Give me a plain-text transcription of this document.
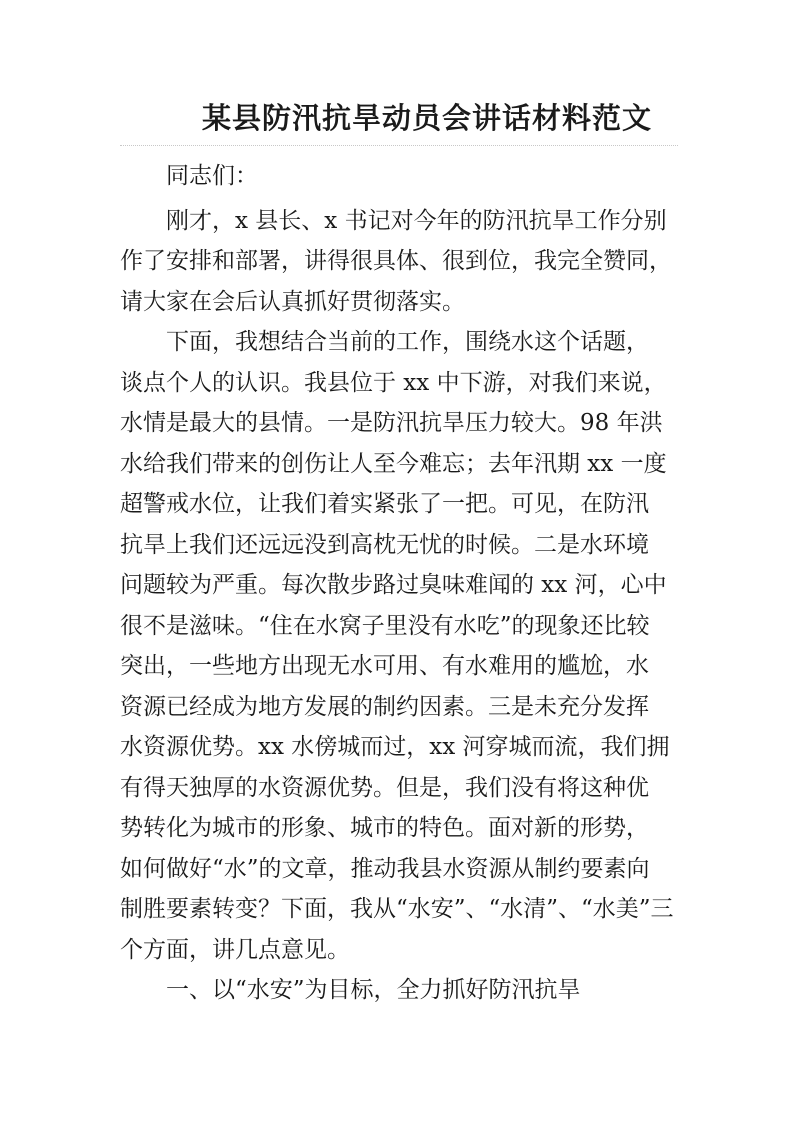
某县防汛抗旱动员会讲话材料范文
同志们：
刚才，x 县长、x 书记对今年的防汛抗旱工作分别
作了安排和部署，讲得很具体、很到位，我完全赞同，
请大家在会后认真抓好贯彻落实。
下面，我想结合当前的工作，围绕水这个话题，
谈点个人的认识。我县位于 xx 中下游，对我们来说，
水情是最大的县情。一是防汛抗旱压力较大。98 年洪
水给我们带来的创伤让人至今难忘；去年汛期 xx 一度
超警戒水位，让我们着实紧张了一把。可见，在防汛
抗旱上我们还远远没到高枕无忧的时候。二是水环境
问题较为严重。每次散步路过臭味难闻的 xx 河，心中
很不是滋味。“住在水窝子里没有水吃”的现象还比较
突出，一些地方出现无水可用、有水难用的尴尬，水
资源已经成为地方发展的制约因素。三是未充分发挥
水资源优势。xx 水傍城而过，xx 河穿城而流，我们拥
有得天独厚的水资源优势。但是，我们没有将这种优
势转化为城市的形象、城市的特色。面对新的形势，
如何做好“水”的文章，推动我县水资源从制约要素向
制胜要素转变？下面，我从“水安”、“水清”、“水美”三
个方面，讲几点意见。
一、以“水安”为目标，全力抓好防汛抗旱
